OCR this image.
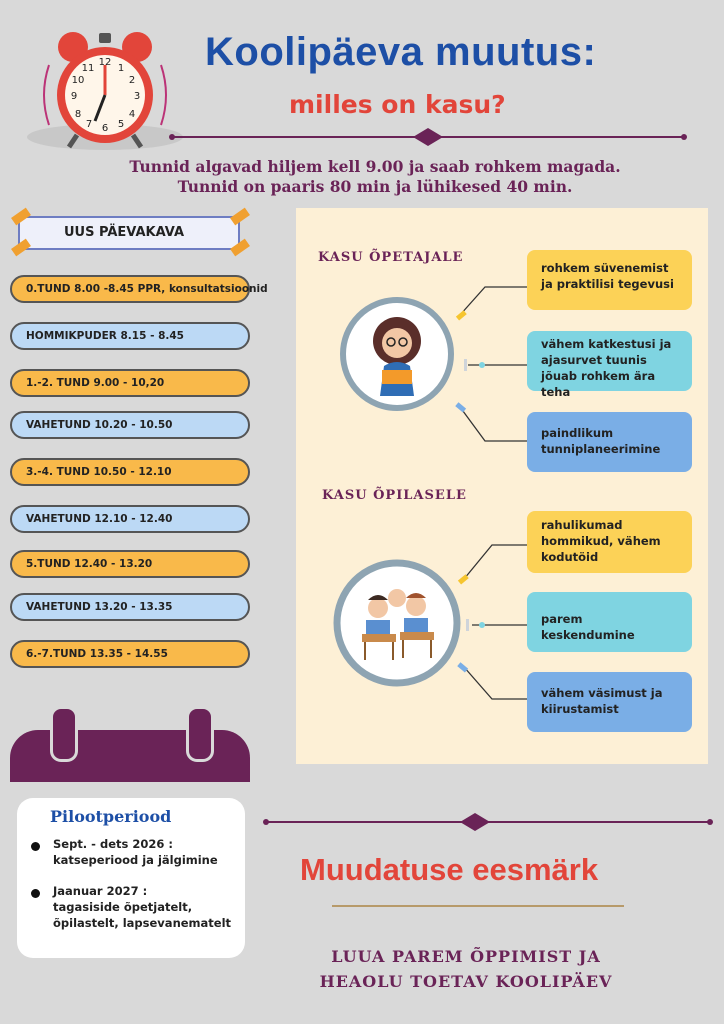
12
3
6
9
1
2
4
5
7
8
10
11	Koolipäeva muutus:
milles on kasu?
Tunnid algavad hiljem kell 9.00 ja saab rohkem magada.
Tunnid on paaris 80 min ja lühikesed 40 min.
UUS PÄEVAKAVA
0.TUND 8.00 -8.45 PPR, konsultatsioonid
HOMMIKPUDER 8.15 - 8.45
1.-2. TUND 9.00 - 10,20
VAHETUND 10.20 - 10.50
3.-4. TUND 10.50 - 12.10
VAHETUND 12.10 - 12.40
5.TUND 12.40 - 13.20
VAHETUND 13.20 - 13.35
6.-7.TUND 13.35 - 14.55
Pilootperiood
Sept. - dets 2026 :
katseperiood ja jälgimine
Jaanuar 2027 :
tagasiside õpetjatelt,
õpilastelt, lapsevanematelt
KASU ÕPETAJALE
rohkem süvenemist ja praktilisi tegevusi
vähem katkestusi ja ajasurvet tuunis jõuab rohkem ära teha
paindlikum tunniplaneerimine
KASU ÕPILASELE
rahulikumad hommikud, vähem kodutöid
parem keskendumine
vähem väsimust ja kiirustamist
Muudatuse eesmärk
LUUA PAREM ÕPPIMIST JA
HEAOLU TOETAV KOOLIPÄEV
